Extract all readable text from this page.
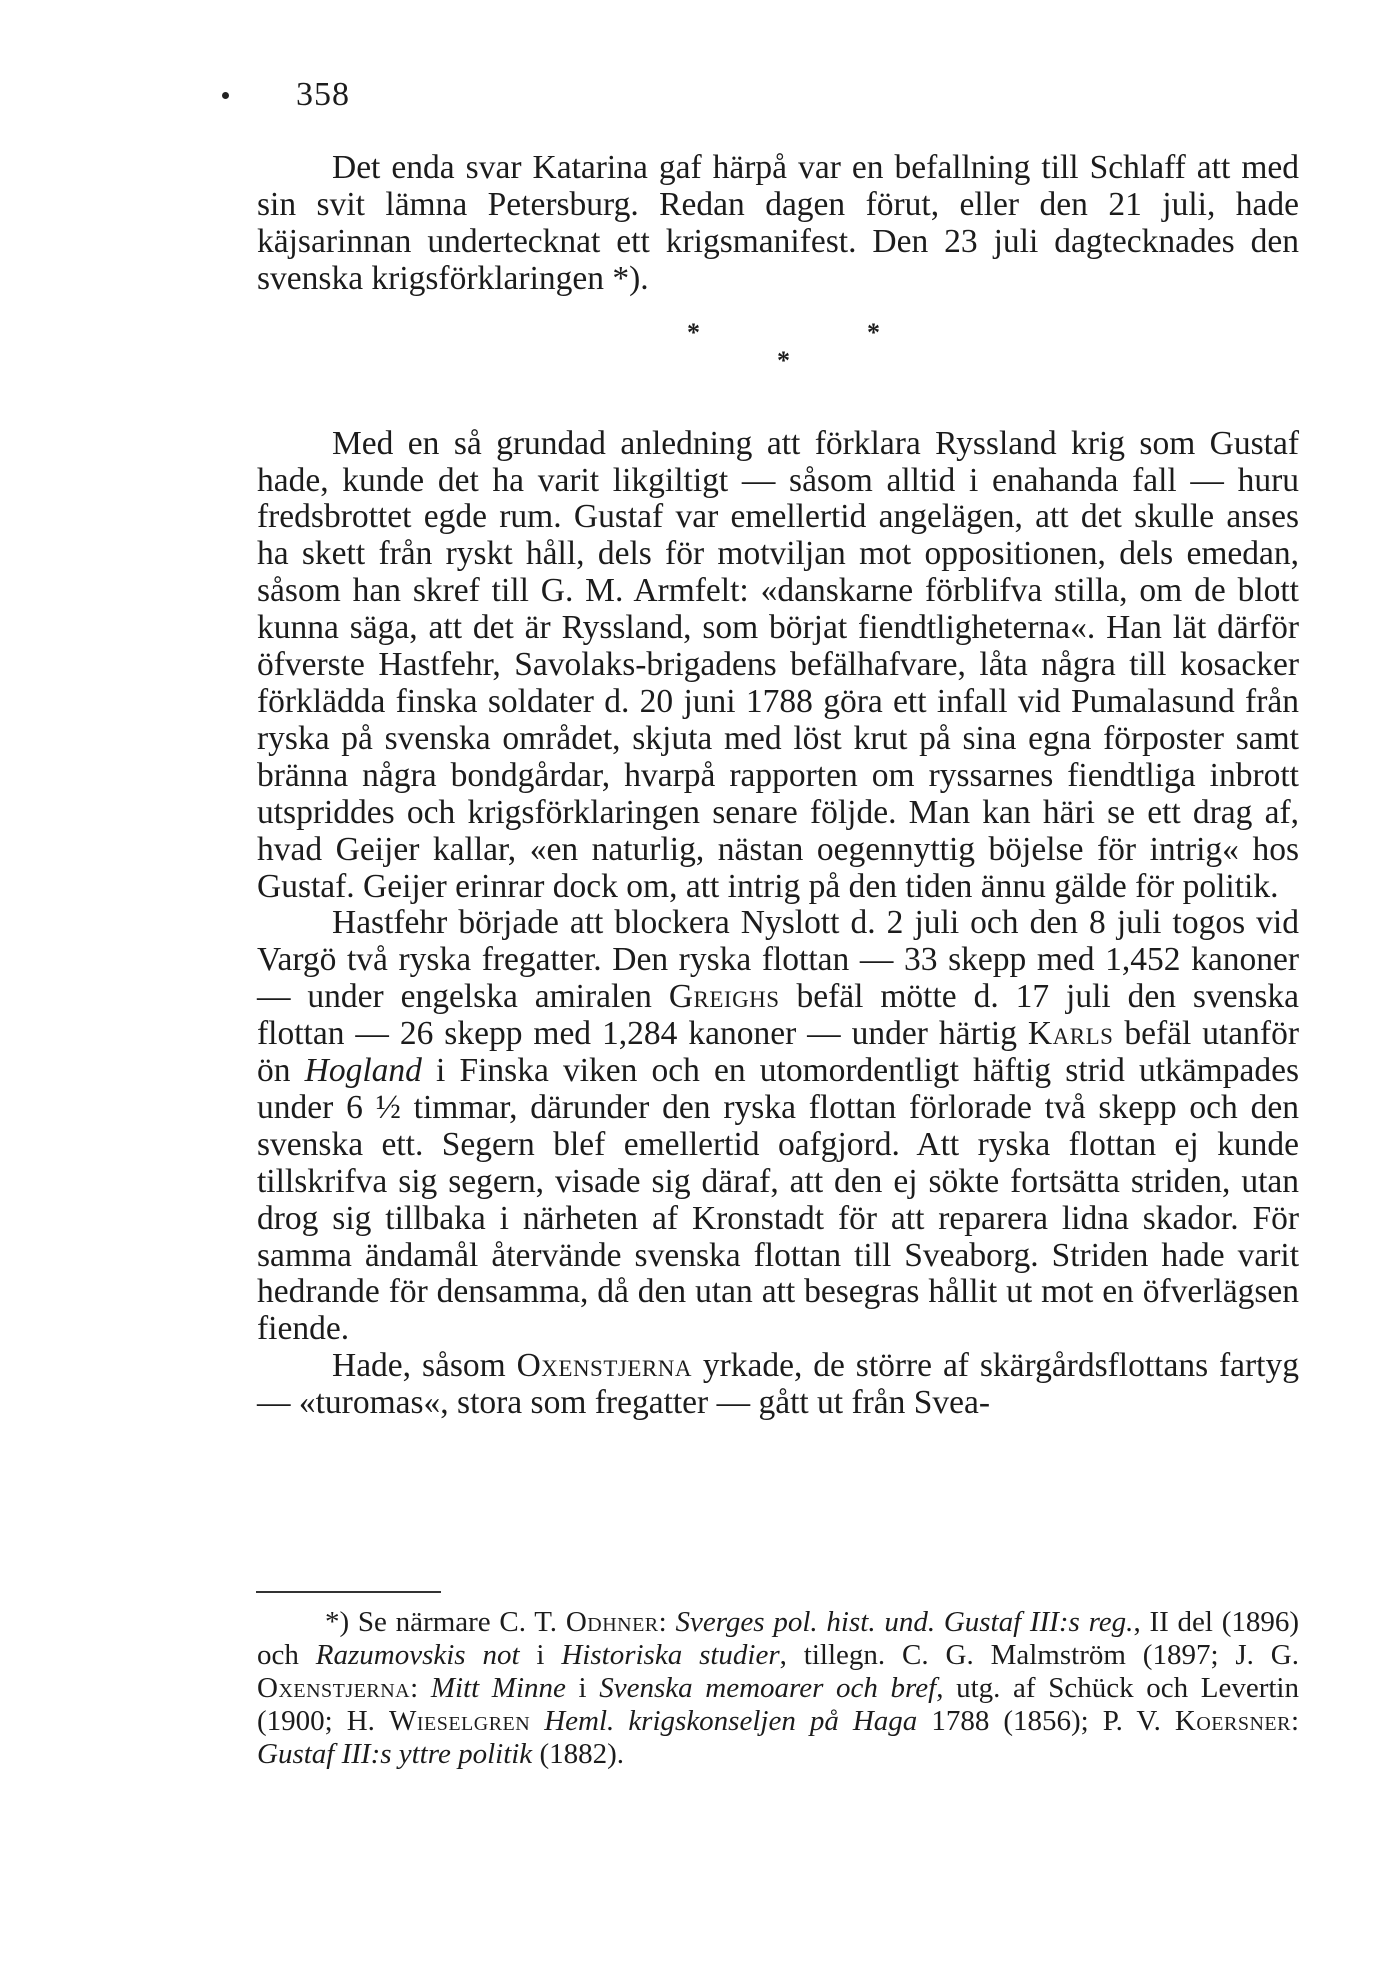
358

Det enda svar Katarina gaf härpå var en befallning till Schlaff att med sin svit lämna Petersburg. Redan dagen förut, eller den 21 juli, hade käjsarinnan undertecknat ett krigsmanifest. Den 23 juli dagtecknades den svenska krigsförklaringen *).

*	*
*

Med en så grundad anledning att förklara Ryssland krig som Gustaf hade, kunde det ha varit likgiltigt — såsom alltid i enahanda fall — huru fredsbrottet egde rum. Gustaf var emellertid angelägen, att det skulle anses ha skett från ryskt håll, dels för motviljan mot oppositionen, dels emedan, såsom han skref till G. M. Armfelt: «danskarne förblifva stilla, om de blott kunna säga, att det är Ryssland, som börjat fiendtligheterna«. Han lät därför öfverste Hastfehr, Savolaks-brigadens befälhafvare, låta några till kosacker förklädda finska soldater d. 20 juni 1788 göra ett infall vid Pumalasund från ryska på svenska området, skjuta med löst krut på sina egna förposter samt bränna några bondgårdar, hvarpå rapporten om ryssarnes fiendtliga inbrott utspriddes och krigsförklaringen senare följde. Man kan häri se ett drag af, hvad Geijer kallar, «en naturlig, nästan oegennyttig böjelse för intrig« hos Gustaf. Geijer erinrar dock om, att intrig på den tiden ännu gälde för politik.

Hastfehr började att blockera Nyslott d. 2 juli och den 8 juli togos vid Vargö två ryska fregatter. Den ryska flottan — 33 skepp med 1,452 kanoner — under engelska amiralen Greighs befäl mötte d. 17 juli den svenska flottan — 26 skepp med 1,284 kanoner — under härtig Karls befäl utanför ön Hogland i Finska viken och en utomordentligt häftig strid utkämpades under 6 ½ timmar, därunder den ryska flottan förlorade två skepp och den svenska ett. Segern blef emellertid oafgjord. Att ryska flottan ej kunde tillskrifva sig segern, visade sig däraf, att den ej sökte fortsätta striden, utan drog sig tillbaka i närheten af Kronstadt för att reparera lidna skador. För samma ändamål återvände svenska flottan till Sveaborg. Striden hade varit hedrande för densamma, då den utan att besegras hållit ut mot en öfverlägsen fiende.

Hade, såsom Oxenstjerna yrkade, de större af skärgårdsflottans fartyg — «turomas«, stora som fregatter — gått ut från Svea-

*) Se närmare C. T. Odhner: Sverges pol. hist. und. Gustaf III:s reg., II del (1896) och Razumovskis not i Historiska studier, tillegn. C. G. Malmström (1897; J. G. Oxenstjerna: Mitt Minne i Svenska memoarer och bref, utg. af Schück och Levertin (1900; H. Wieselgren Heml. krigskonseljen på Haga 1788 (1856); P. V. Koersner: Gustaf III:s yttre politik (1882).
